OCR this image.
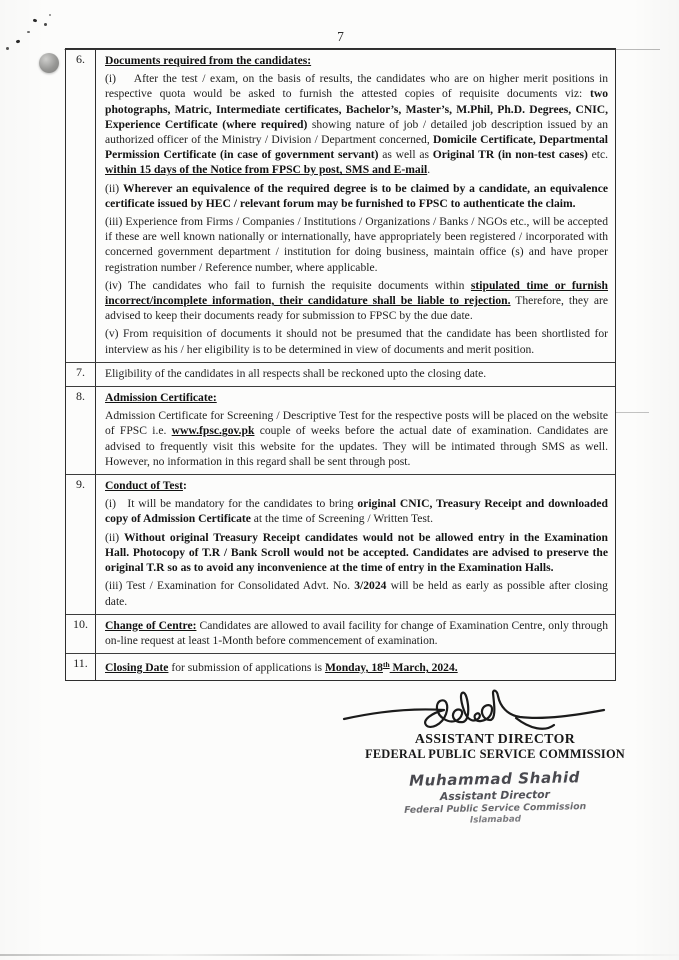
7
6.	Documents required from the candidates:
(i)    After the test / exam, on the basis of results, the candidates who are on higher merit positions in respective quota would be asked to furnish the attested copies of requisite documents viz: two photographs, Matric, Intermediate certificates, Bachelor’s, Master’s, M.Phil, Ph.D. Degrees, CNIC, Experience Certificate (where required) showing nature of job / detailed job description issued by an authorized officer of the Ministry / Division / Department concerned, Domicile Certificate, Departmental Permission Certificate (in case of government servant) as well as Original TR (in non-test cases) etc. within 15 days of the Notice from FPSC by post, SMS and E-mail.
(ii) Wherever an equivalence of the required degree is to be claimed by a candidate, an equivalence certificate issued by HEC / relevant forum may be furnished to FPSC to authenticate the claim.
(iii) Experience from Firms / Companies / Institutions / Organizations / Banks / NGOs etc., will be accepted if these are well known nationally or internationally, have appropriately been registered / incorporated with concerned government department / institution for doing business, maintain office (s) and have proper registration number / Reference number, where applicable.
(iv) The candidates who fail to furnish the requisite documents within stipulated time or furnish incorrect/incomplete information, their candidature shall be liable to rejection. Therefore, they are advised to keep their documents ready for submission to FPSC by the due date.
(v) From requisition of documents it should not be presumed that the candidate has been shortlisted for interview as his / her eligibility is to be determined in view of documents and merit position.
7.	Eligibility of the candidates in all respects shall be reckoned upto the closing date.
8.	Admission Certificate:
Admission Certificate for Screening / Descriptive Test for the respective posts will be placed on the website of FPSC i.e. www.fpsc.gov.pk couple of weeks before the actual date of examination. Candidates are advised to frequently visit this website for the updates. They will be intimated through SMS as well. However, no information in this regard shall be sent through post.
9.	Conduct of Test:
(i)   It will be mandatory for the candidates to bring original CNIC, Treasury Receipt and downloaded copy of Admission Certificate at the time of Screening / Written Test.
(ii) Without original Treasury Receipt candidates would not be allowed entry in the Examination Hall. Photocopy of T.R / Bank Scroll would not be accepted. Candidates are advised to preserve the original T.R so as to avoid any inconvenience at the time of entry in the Examination Halls.
(iii) Test / Examination for Consolidated Advt. No. 3/2024 will be held as early as possible after closing date.
10.	Change of Centre: Candidates are allowed to avail facility for change of Examination Centre, only through on-line request at least 1-Month before commencement of examination.
11.	Closing Date for submission of applications is Monday, 18th March, 2024.
ASSISTANT DIRECTOR
FEDERAL PUBLIC SERVICE COMMISSION
Muhammad Shahid
Assistant Director
Federal Public Service Commission
Islamabad
